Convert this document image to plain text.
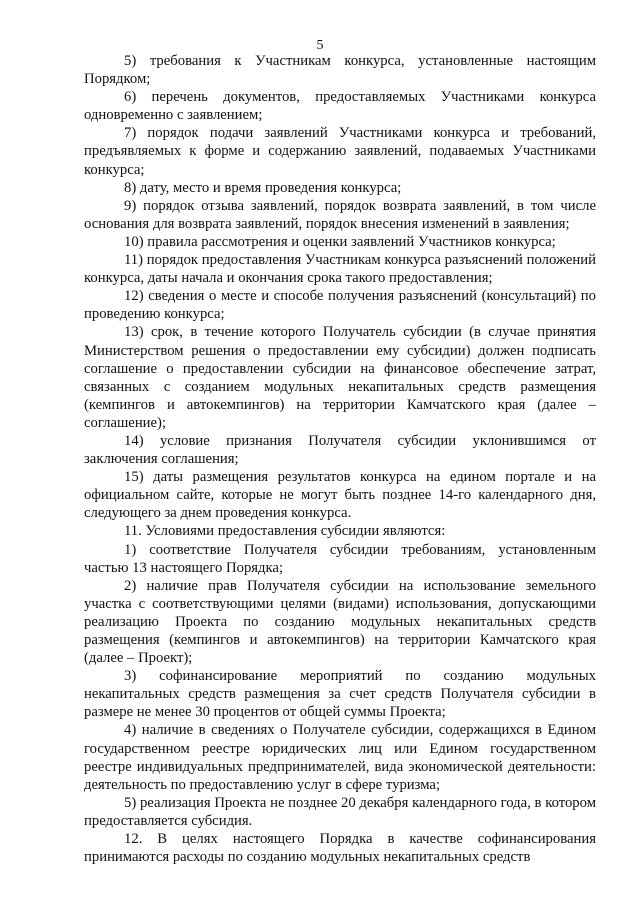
5

5) требования к Участникам конкурса, установленные настоящим Порядком;

6) перечень документов, предоставляемых Участниками конкурса одновременно с заявлением;

7) порядок подачи заявлений Участниками конкурса и требований, предъявляемых к форме и содержанию заявлений, подаваемых Участниками конкурса;

8) дату, место и время проведения конкурса;

9) порядок отзыва заявлений, порядок возврата заявлений, в том числе основания для возврата заявлений, порядок внесения изменений в заявления;

10) правила рассмотрения и оценки заявлений Участников конкурса;

11) порядок предоставления Участникам конкурса разъяснений положений конкурса, даты начала и окончания срока такого предоставления;

12) сведения о месте и способе получения разъяснений (консультаций) по проведению конкурса;

13) срок, в течение которого Получатель субсидии (в случае принятия Министерством решения о предоставлении ему субсидии) должен подписать соглашение о предоставлении субсидии на финансовое обеспечение затрат, связанных с созданием модульных некапитальных средств размещения (кемпингов и автокемпингов) на территории Камчатского края (далее – соглашение);

14) условие признания Получателя субсидии уклонившимся от заключения соглашения;

15) даты размещения результатов конкурса на едином портале и на официальном сайте, которые не могут быть позднее 14-го календарного дня, следующего за днем проведения конкурса.

11. Условиями предоставления субсидии являются:

1) соответствие Получателя субсидии требованиям, установленным частью 13 настоящего Порядка;

2) наличие прав Получателя субсидии на использование земельного участка с соответствующими целями (видами) использования, допускающими реализацию Проекта по созданию модульных некапитальных средств размещения (кемпингов и автокемпингов) на территории Камчатского края (далее – Проект);

3) софинансирование мероприятий по созданию модульных некапитальных средств размещения за счет средств Получателя субсидии в размере не менее 30 процентов от общей суммы Проекта;

4) наличие в сведениях о Получателе субсидии, содержащихся в Едином государственном реестре юридических лиц или Едином государственном реестре индивидуальных предпринимателей, вида экономической деятельности: деятельность по предоставлению услуг в сфере туризма;

5) реализация Проекта не позднее 20 декабря календарного года, в котором предоставляется субсидия.

12. В целях настоящего Порядка в качестве софинансирования принимаются расходы по созданию модульных некапитальных средств
